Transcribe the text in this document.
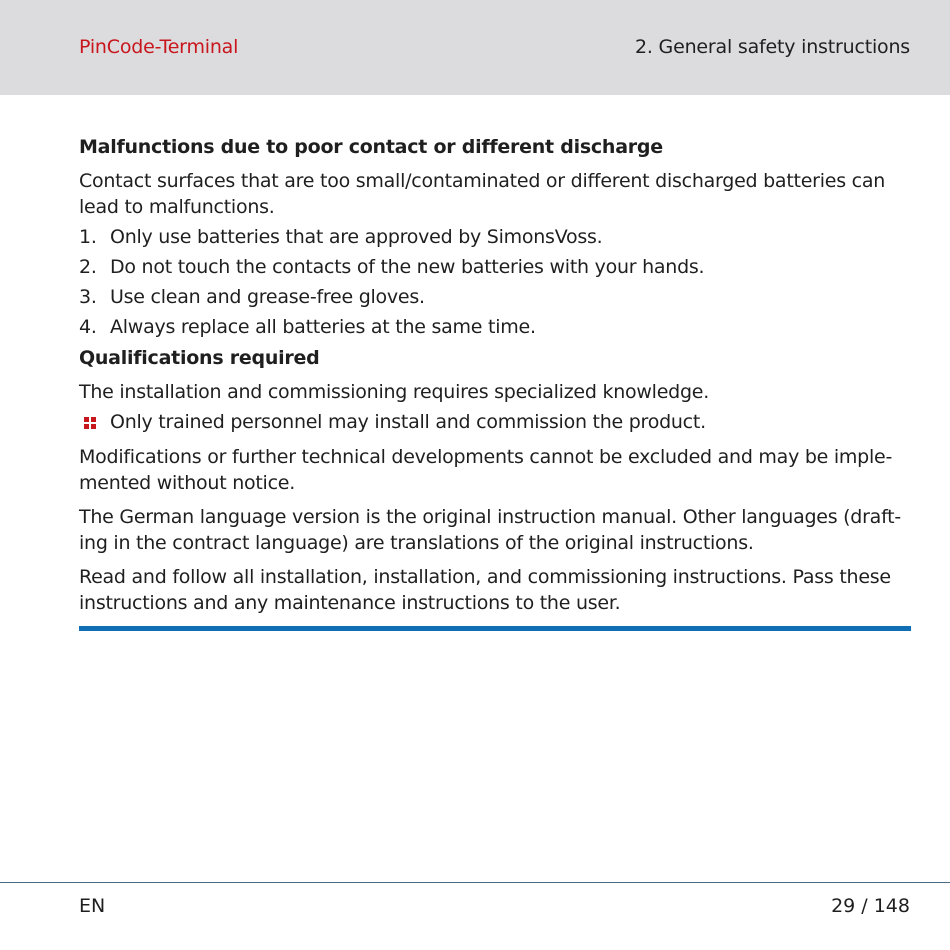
PinCode-Terminal	2. General safety instructions

Malfunctions due to poor contact or different discharge

Contact surfaces that are too small/contaminated or different discharged batteries can

lead to malfunctions.

1. Only use batteries that are approved by SimonsVoss.
2. Do not touch the contacts of the new batteries with your hands.
3. Use clean and grease-free gloves.
4. Always replace all batteries at the same time.

Qualifications required

The installation and commissioning requires specialized knowledge.

Only trained personnel may install and commission the product.

Modifications or further technical developments cannot be excluded and may be imple-

mented without notice.

The German language version is the original instruction manual. Other languages (draft-

ing in the contract language) are translations of the original instructions.

Read and follow all installation, installation, and commissioning instructions. Pass these

instructions and any maintenance instructions to the user.

EN	29 / 148
